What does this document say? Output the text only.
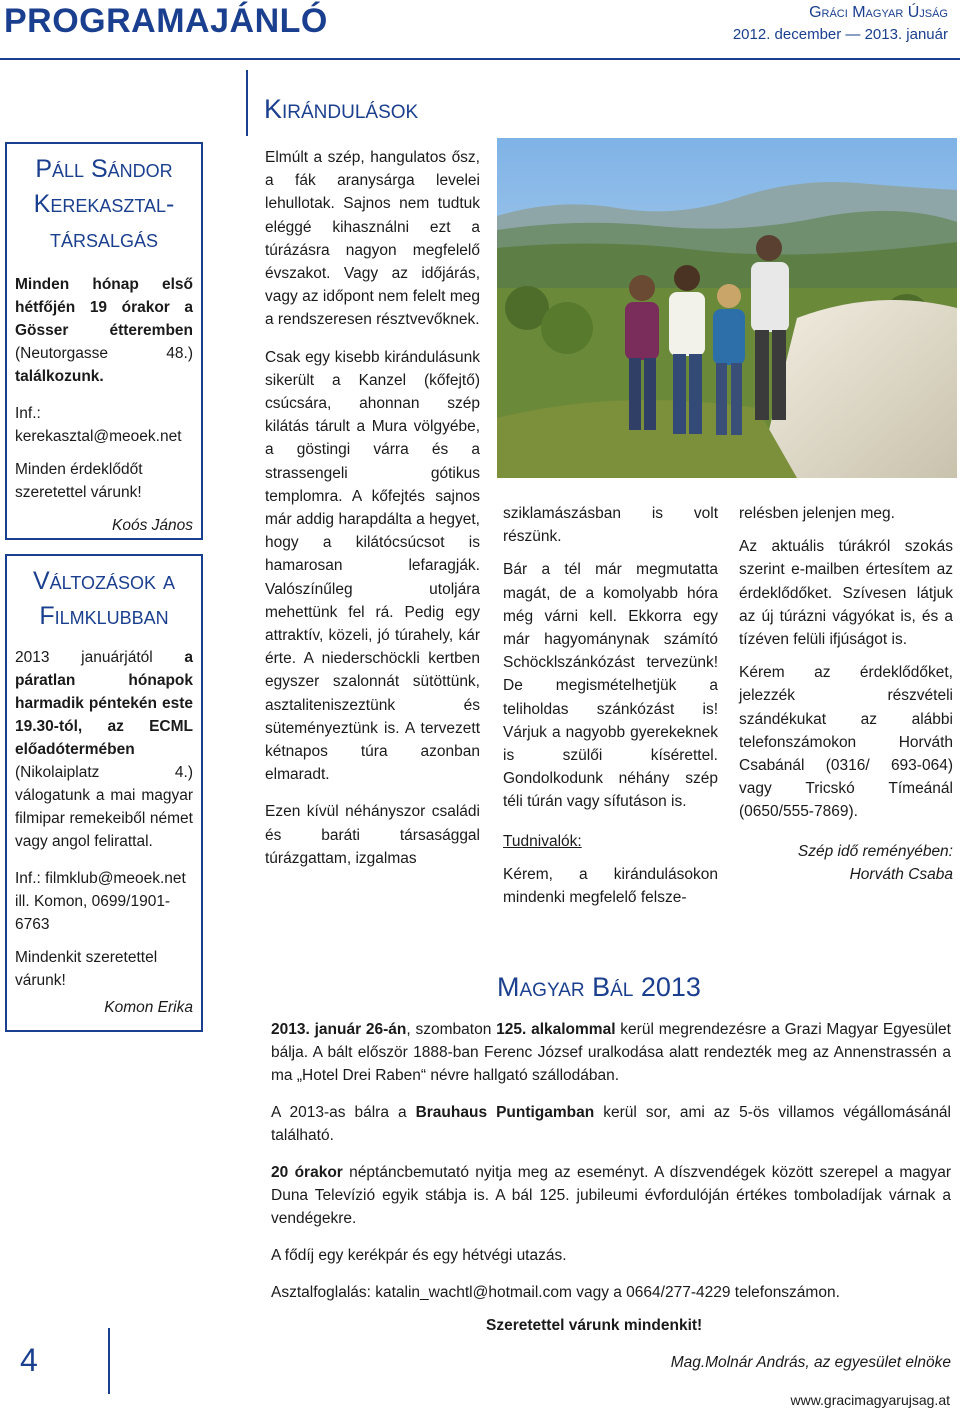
PROGRAMAJÁNLÓ	Gráci Magyar Újság
2012. december — 2013. január
Kirándulások

Páll Sándor Kerekasztal-társalgás

Minden hónap első hétfőjén 19 órakor a Gösser étteremben (Neutorgasse 48.) találkozunk.

Inf.: kerekasztal@meoek.net

Minden érdeklődőt szeretettel várunk!

Koós János

Változások a Filmklubban

2013 januárjától a páratlan hónapok harmadik péntekén este 19.30-tól, az ECML előadótermében (Nikolaiplatz 4.) válogatunk a mai magyar filmipar remekeiből német vagy angol felirattal.

Inf.: filmklub@meoek.net ill. Komon, 0699/1901-6763

Mindenkit szeretettel várunk!

Komon Erika

Elmúlt a szép, hangulatos ősz, a fák aranysárga levelei lehullotak. Sajnos nem tudtuk eléggé kihasználni ezt a túrázásra nagyon megfelelő évszakot. Vagy az időjárás, vagy az időpont nem felelt meg a rendszeresen résztvevőknek.

Csak egy kisebb kirándulásunk sikerült a Kanzel (kőfejtő) csúcsára, ahonnan szép kilátás tárult a Mura völgyébe, a göstingi várra és a strassengeli gótikus templomra. A kőfejtés sajnos már addig harapdálta a hegyet, hogy a kilátócsúcsot is hamarosan lefaragják. Valószínűleg utoljára mehettünk fel rá. Pedig egy attraktív, közeli, jó túrahely, kár érte. A niederschöckli kertben egyszer szalonnát sütöttünk, asztaliteniszeztünk és süteményeztünk is. A tervezett kétnapos túra azonban elmaradt.

Ezen kívül néhányszor családi és baráti társasággal túrázgattam, izgalmas

sziklamászásban is volt részünk.

Bár a tél már megmutatta magát, de a komolyabb hóra még várni kell. Ekkorra egy már hagyománynak számító Schöcklszánkózást tervezünk! De megismételhetjük a teliholdas szánkózást is! Várjuk a nagyobb gyerekeknek is szülői kísérettel. Gondolkodunk néhány szép téli túrán vagy sífutáson is.

Tudnivalók:

Kérem, a kirándulásokon mindenki megfelelő felsze-

relésben jelenjen meg.

Az aktuális túrákról szokás szerint e-mailben értesítem az érdeklődőket. Szívesen látjuk az új túrázni vágyókat is, és a tízéven felüli ifjúságot is.

Kérem az érdeklődőket, jelezzék részvételi szándékukat az alábbi telefonszámokon Horváth Csabánál (0316/ 693-064) vagy Tricskó Tímeánál (0650/555-7869).

Szép idő reményében:

Horváth Csaba

Magyar Bál 2013

2013. január 26-án, szombaton 125. alkalommal kerül megrendezésre a Grazi Magyar Egyesület bálja. A bált először 1888-ban Ferenc József uralkodása alatt rendezték meg az Annenstrassén a ma „Hotel Drei Raben“ névre hallgató szállodában.

A 2013-as bálra a Brauhaus Puntigamban kerül sor, ami az 5-ös villamos végállomásánál található.

20 órakor néptáncbemutató nyitja meg az eseményt. A díszvendégek között szerepel a magyar Duna Televízió egyik stábja is. A bál 125. jubileumi évfordulóján értékes tomboladíjak várnak a vendégekre.

A fődíj egy kerékpár és egy hétvégi utazás.

Asztalfoglalás: katalin_wachtl@hotmail.com vagy a 0664/277-4229 telefonszámon.

Szeretettel várunk mindenkit!

Mag.Molnár András, az egyesület elnöke

4
www.gracimagyarujsag.at
